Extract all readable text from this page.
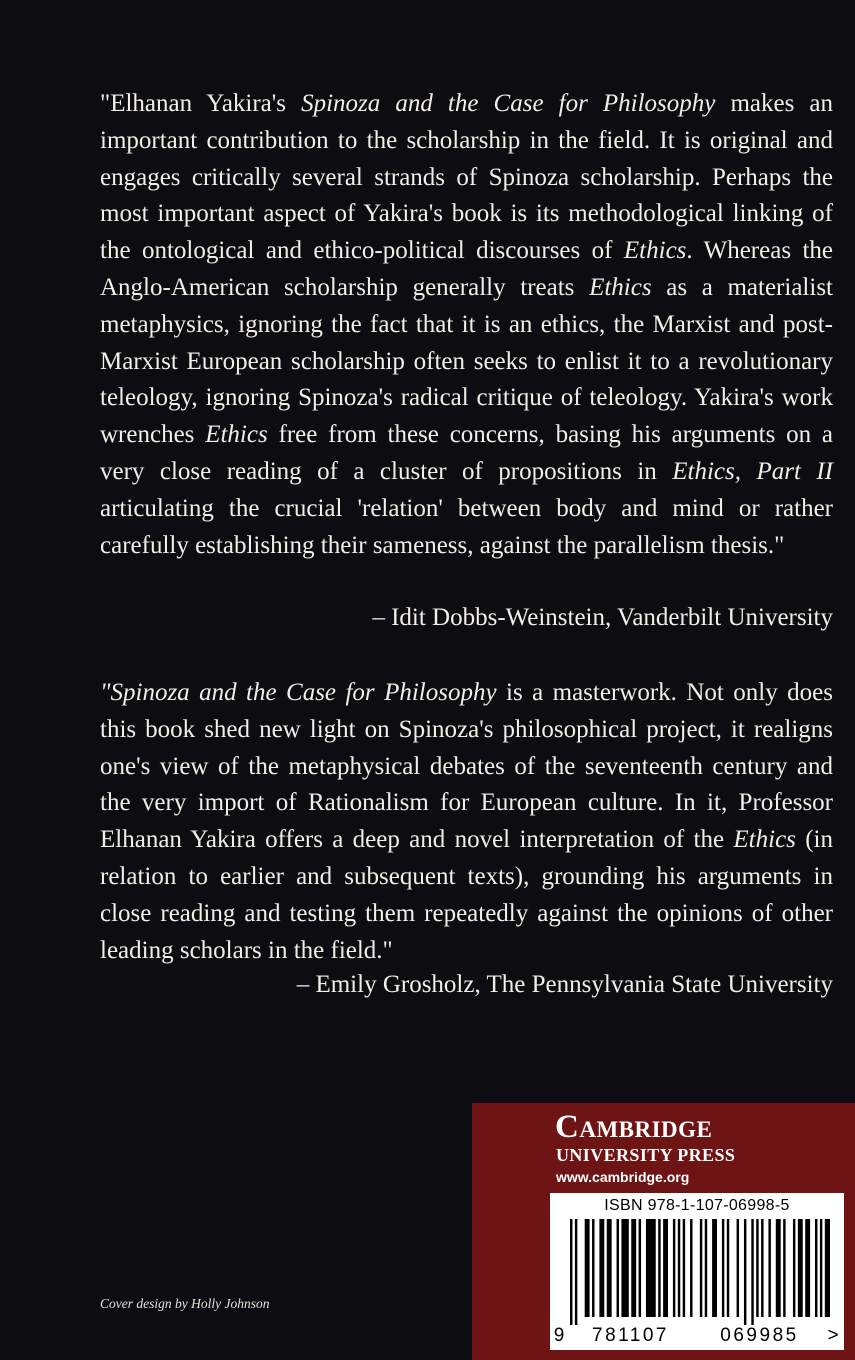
"Elhanan Yakira's Spinoza and the Case for Philosophy makes an important contribution to the scholarship in the field. It is original and engages critically several strands of Spinoza scholarship. Perhaps the most important aspect of Yakira's book is its methodological linking of the ontological and ethico-political discourses of Ethics. Whereas the Anglo-American scholarship generally treats Ethics as a materialist metaphysics, ignoring the fact that it is an ethics, the Marxist and post-Marxist European scholarship often seeks to enlist it to a revolutionary teleology, ignoring Spinoza's radical critique of teleology. Yakira's work wrenches Ethics free from these concerns, basing his arguments on a very close reading of a cluster of propositions in Ethics, Part II articulating the crucial 'relation' between body and mind or rather carefully establishing their sameness, against the parallelism thesis."

– Idit Dobbs-Weinstein, Vanderbilt University

"Spinoza and the Case for Philosophy is a masterwork. Not only does this book shed new light on Spinoza's philosophical project, it realigns one's view of the metaphysical debates of the seventeenth century and the very import of Rationalism for European culture. In it, Professor Elhanan Yakira offers a deep and novel interpretation of the Ethics (in relation to earlier and subsequent texts), grounding his arguments in close reading and testing them repeatedly against the opinions of other leading scholars in the field."

– Emily Grosholz, The Pennsylvania State University

Cover design by Holly Johnson
Cambridge
UNIVERSITY PRESS
www.cambridge.org
ISBN 978-1-107-06998-5
9	781107	069985	>
